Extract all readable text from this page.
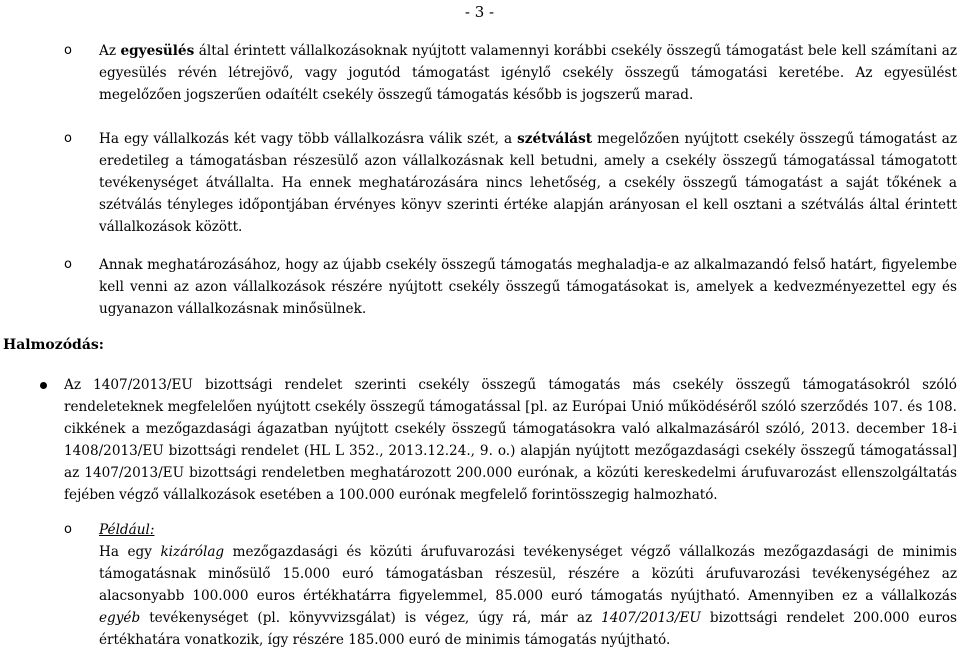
- 3 -
o Az egyesülés által érintett vállalkozásoknak nyújtott valamennyi korábbi csekély összegű támogatást bele kell számítani az egyesülés révén létrejövő, vagy jogutód támogatást igénylő csekély összegű támogatási keretébe. Az egyesülést megelőzően jogszerűen odaítélt csekély összegű támogatás később is jogszerű marad.
o Ha egy vállalkozás két vagy több vállalkozásra válik szét, a szétválást megelőzően nyújtott csekély összegű támogatást az eredetileg a támogatásban részesülő azon vállalkozásnak kell betudni, amely a csekély összegű támogatással támogatott tevékenységet átvállalta. Ha ennek meghatározására nincs lehetőség, a csekély összegű támogatást a saját tőkének a szétválás tényleges időpontjában érvényes könyv szerinti értéke alapján arányosan el kell osztani a szétválás által érintett vállalkozások között.
o Annak meghatározásához, hogy az újabb csekély összegű támogatás meghaladja-e az alkalmazandó felső határt, figyelembe kell venni az azon vállalkozások részére nyújtott csekély összegű támogatásokat is, amelyek a kedvezményezettel egy és ugyanazon vállalkozásnak minősülnek.
Halmozódás:
Az 1407/2013/EU bizottsági rendelet szerinti csekély összegű támogatás más csekély összegű támogatásokról szóló rendeleteknek megfelelően nyújtott csekély összegű támogatással [pl. az Európai Unió működéséről szóló szerződés 107. és 108. cikkének a mezőgazdasági ágazatban nyújtott csekély összegű támogatásokra való alkalmazásáról szóló, 2013. december 18-i 1408/2013/EU bizottsági rendelet (HL L 352., 2013.12.24., 9. o.) alapján nyújtott mezőgazdasági csekély összegű támogatással] az 1407/2013/EU bizottsági rendeletben meghatározott 200.000 eurónak, a közúti kereskedelmi árufuvarozást ellenszolgáltatás fejében végző vállalkozások esetében a 100.000 eurónak megfelelő forintösszegig halmozható.
o Például:
Ha egy kizárólag mezőgazdasági és közúti árufuvarozási tevékenységet végző vállalkozás mezőgazdasági de minimis támogatásnak minősülő 15.000 euró támogatásban részesül, részére a közúti árufuvarozási tevékenységéhez az alacsonyabb 100.000 euros értékhatárra figyelemmel, 85.000 euró támogatás nyújtható. Amennyiben ez a vállalkozás egyéb tevékenységet (pl. könyvvizsgálat) is végez, úgy rá, már az 1407/2013/EU bizottsági rendelet 200.000 euros értékhatára vonatkozik, így részére 185.000 euró de minimis támogatás nyújtható.
